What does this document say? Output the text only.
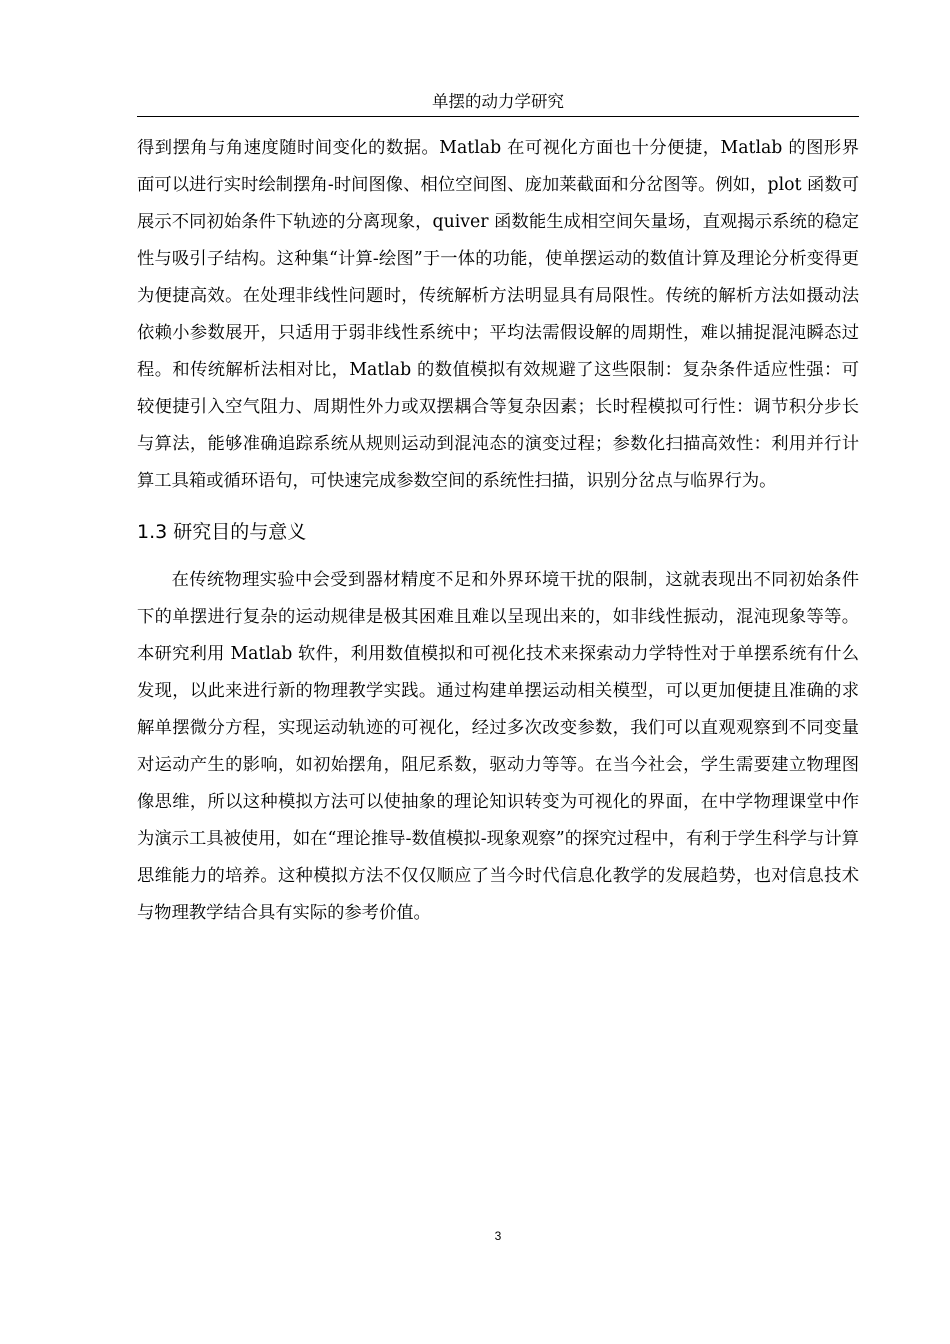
单摆的动力学研究

得到摆角与角速度随时间变化的数据。Matlab 在可视化方面也十分便捷，Matlab 的图形界面可以进行实时绘制摆角-时间图像、相位空间图、庞加莱截面和分岔图等。例如，plot 函数可展示不同初始条件下轨迹的分离现象，quiver 函数能生成相空间矢量场，直观揭示系统的稳定性与吸引子结构。这种集“计算-绘图”于一体的功能，使单摆运动的数值计算及理论分析变得更为便捷高效。在处理非线性问题时，传统解析方法明显具有局限性。传统的解析方法如摄动法依赖小参数展开，只适用于弱非线性系统中；平均法需假设解的周期性，难以捕捉混沌瞬态过程。和传统解析法相对比，Matlab 的数值模拟有效规避了这些限制：复杂条件适应性强：可较便捷引入空气阻力、周期性外力或双摆耦合等复杂因素；长时程模拟可行性：调节积分步长与算法，能够准确追踪系统从规则运动到混沌态的演变过程；参数化扫描高效性：利用并行计算工具箱或循环语句，可快速完成参数空间的系统性扫描，识别分岔点与临界行为。

1.3 研究目的与意义

在传统物理实验中会受到器材精度不足和外界环境干扰的限制，这就表现出不同初始条件下的单摆进行复杂的运动规律是极其困难且难以呈现出来的，如非线性振动，混沌现象等等。本研究利用 Matlab 软件，利用数值模拟和可视化技术来探索动力学特性对于单摆系统有什么发现，以此来进行新的物理教学实践。通过构建单摆运动相关模型，可以更加便捷且准确的求解单摆微分方程，实现运动轨迹的可视化，经过多次改变参数，我们可以直观观察到不同变量对运动产生的影响，如初始摆角，阻尼系数，驱动力等等。在当今社会，学生需要建立物理图像思维，所以这种模拟方法可以使抽象的理论知识转变为可视化的界面，在中学物理课堂中作为演示工具被使用，如在“理论推导-数值模拟-现象观察”的探究过程中，有利于学生科学与计算思维能力的培养。这种模拟方法不仅仅顺应了当今时代信息化教学的发展趋势，也对信息技术与物理教学结合具有实际的参考价值。

3
